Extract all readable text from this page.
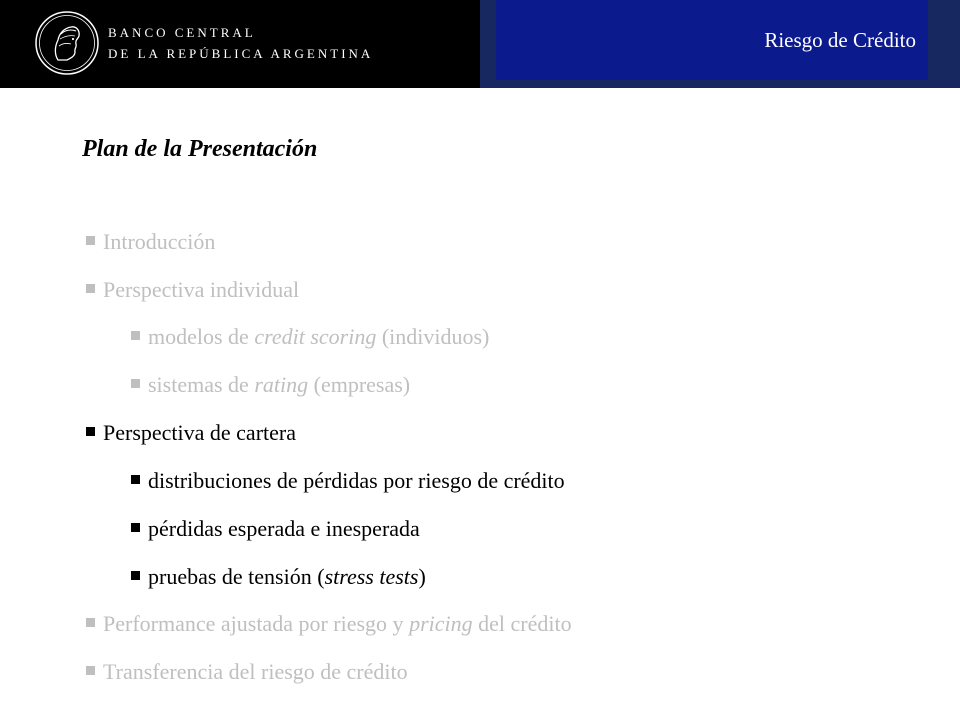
BANCO CENTRAL
DE LA REPÚBLICA ARGENTINA
Riesgo de Crédito
Plan de la Presentación
Introducción
Perspectiva individual
modelos de credit scoring (individuos)
sistemas de rating (empresas)
Perspectiva de cartera
distribuciones de pérdidas por riesgo de crédito
pérdidas esperada e inesperada
pruebas de tensión (stress tests)
Performance ajustada por riesgo y pricing del crédito
Transferencia del riesgo de crédito
